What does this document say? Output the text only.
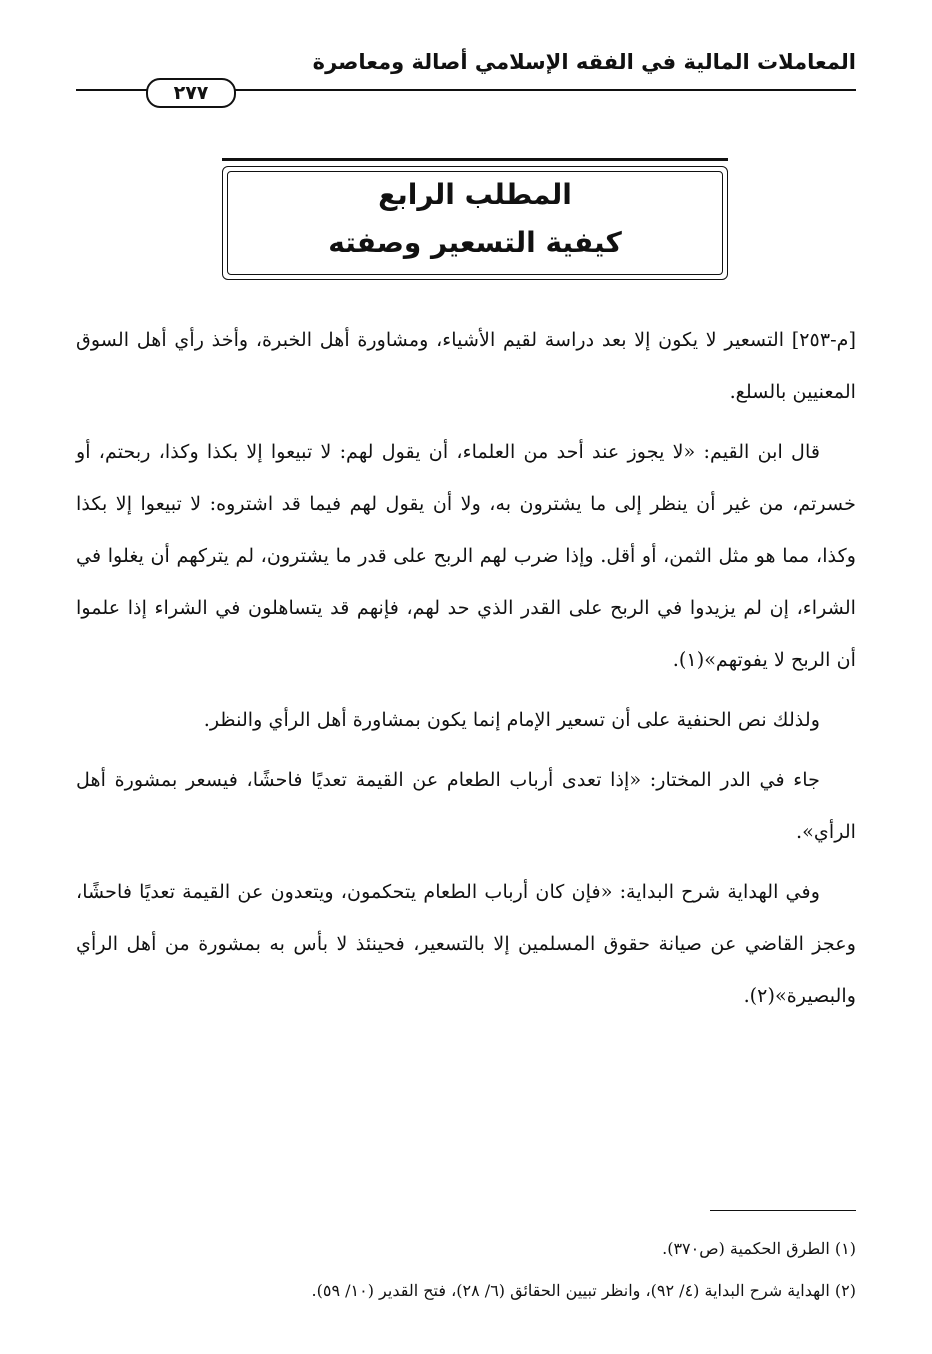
المعاملات المالية في الفقه الإسلامي أصالة ومعاصرة
٢٧٧
المطلب الرابع
كيفية التسعير وصفته

[م-٢٥٣] التسعير لا يكون إلا بعد دراسة لقيم الأشياء، ومشاورة أهل الخبرة، وأخذ رأي أهل السوق المعنيين بالسلع.

قال ابن القيم: «لا يجوز عند أحد من العلماء، أن يقول لهم: لا تبيعوا إلا بكذا وكذا، ربحتم، أو خسرتم، من غير أن ينظر إلى ما يشترون به، ولا أن يقول لهم فيما قد اشتروه: لا تبيعوا إلا بكذا وكذا، مما هو مثل الثمن، أو أقل. وإذا ضرب لهم الربح على قدر ما يشترون، لم يتركهم أن يغلوا في الشراء، إن لم يزيدوا في الربح على القدر الذي حد لهم، فإنهم قد يتساهلون في الشراء إذا علموا أن الربح لا يفوتهم»(١).

ولذلك نص الحنفية على أن تسعير الإمام إنما يكون بمشاورة أهل الرأي والنظر.

جاء في الدر المختار: «إذا تعدى أرباب الطعام عن القيمة تعديًا فاحشًا، فيسعر بمشورة أهل الرأي».

وفي الهداية شرح البداية: «فإن كان أرباب الطعام يتحكمون، ويتعدون عن القيمة تعديًا فاحشًا، وعجز القاضي عن صيانة حقوق المسلمين إلا بالتسعير، فحينئذ لا بأس به بمشورة من أهل الرأي والبصيرة»(٢).

(١) الطرق الحكمية (ص٣٧٠).
(٢) الهداية شرح البداية (٤/ ٩٢)، وانظر تبيين الحقائق (٦/ ٢٨)، فتح القدير (١٠/ ٥٩).
